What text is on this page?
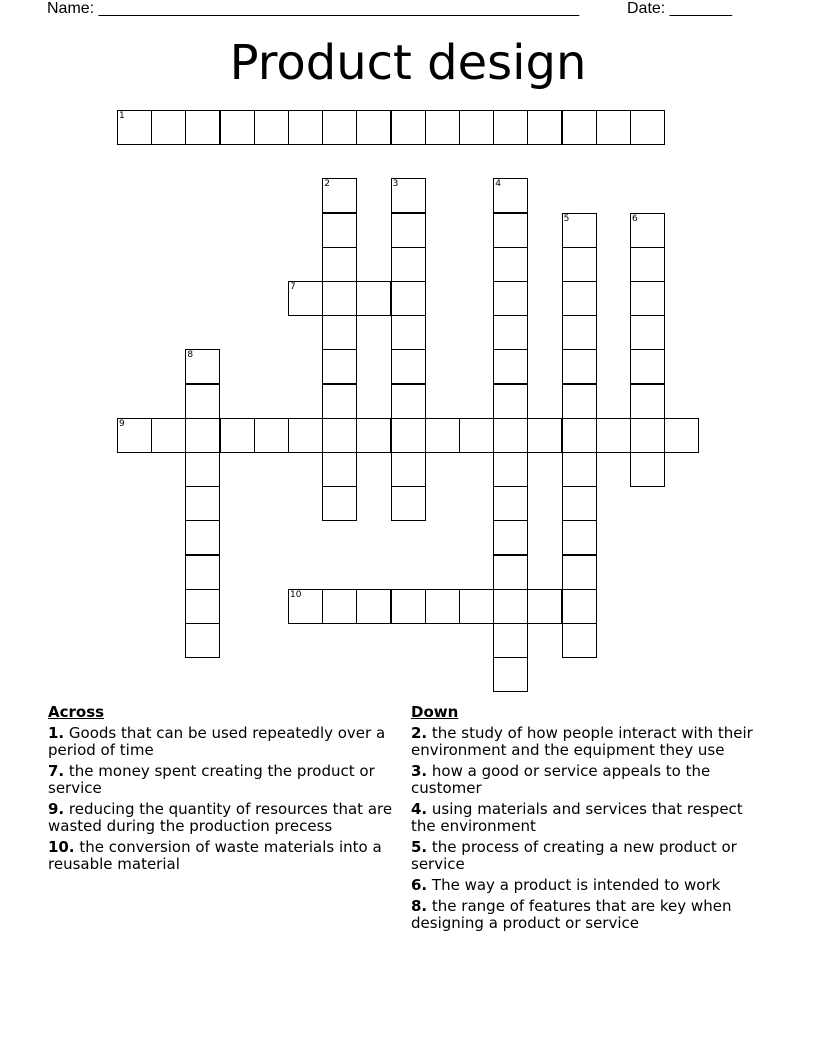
Name: ______________________________________________________	Date: _______
Product design
1
7
9
10
2	3	4
5	6
8
Across
1. Goods that can be used repeatedly over a period of time
7. the money spent creating the product or service
9. reducing the quantity of resources that are wasted during the production precess
10. the conversion of waste materials into a reusable material
Down
2. the study of how people interact with their environment and the equipment they use
3. how a good or service appeals to the customer
4. using materials and services that respect the environment
5. the process of creating a new product or service
6. The way a product is intended to work
8. the range of features that are key when designing a product or service
